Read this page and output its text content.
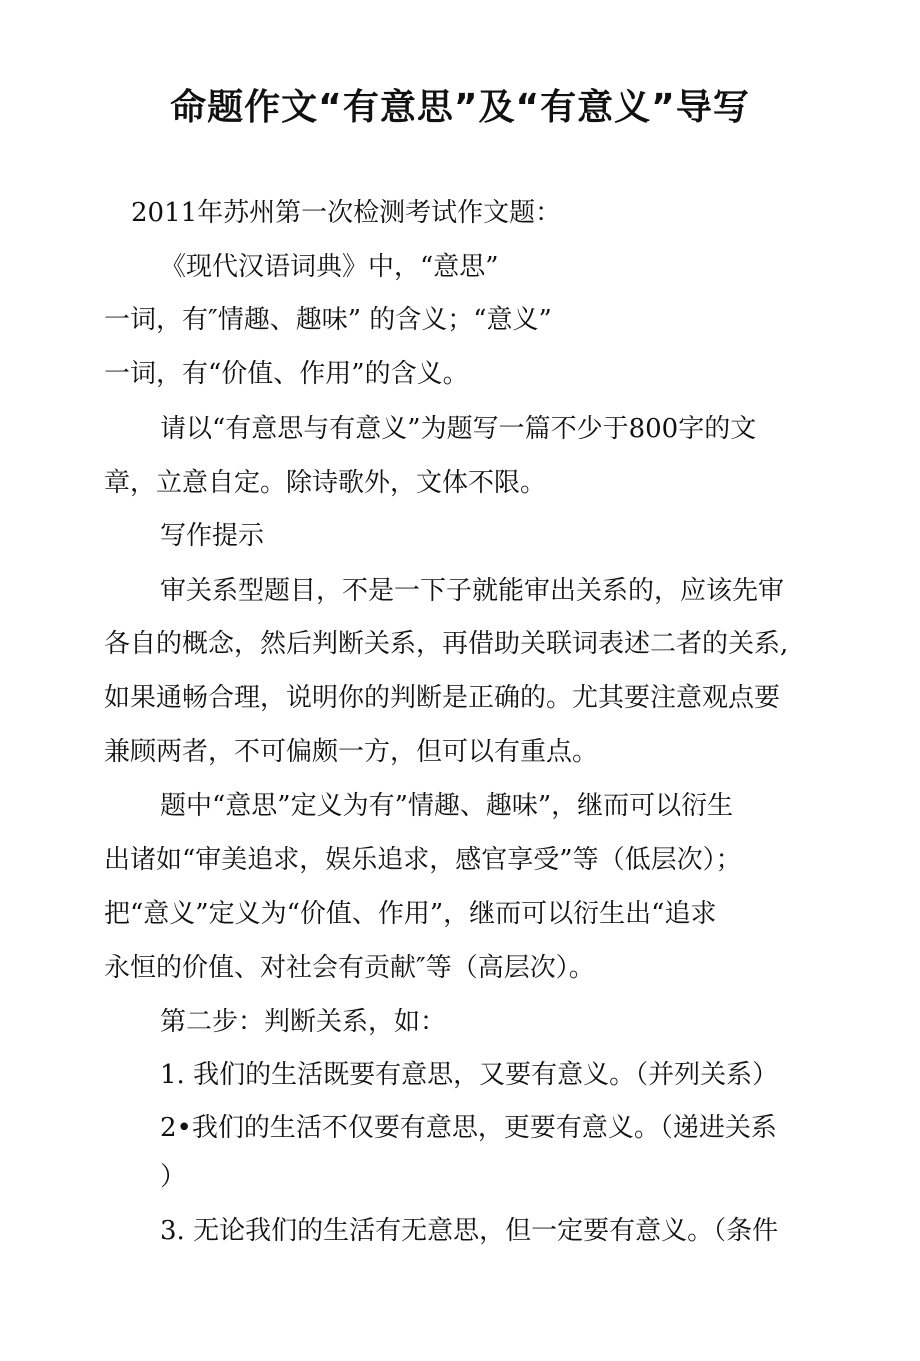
命题作文“有意思”及“有意义”导写
2011年苏州第一次检测考试作文题：
《现代汉语词典》中，“意思”
一词，有″情趣、趣味” 的含义；“意义”
一词，有“价值、作用”的含义。
请以“有意思与有意义”为题写一篇不少于800字的文
章，立意自定。除诗歌外，文体不限。
写作提示
审关系型题目，不是一下子就能审出关系的，应该先审
各自的概念，然后判断关系，再借助关联词表述二者的关系,
如果通畅合理，说明你的判断是正确的。尤其要注意观点要
兼顾两者，不可偏颇一方，但可以有重点。
题中“意思”定义为有”情趣、趣味”，继而可以衍生
出诸如“审美追求，娱乐追求，感官享受”等（低层次）；
把“意义”定义为“价值、作用”，继而可以衍生出“追求
永恒的价值、对社会有贡献″等（高层次）。
第二步：判断关系，如：
1. 我们的生活既要有意思，又要有意义。（并列关系）
2•我们的生活不仅要有意思，更要有意义。（递进关系
）
3. 无论我们的生活有无意思，但一定要有意义。（条件
